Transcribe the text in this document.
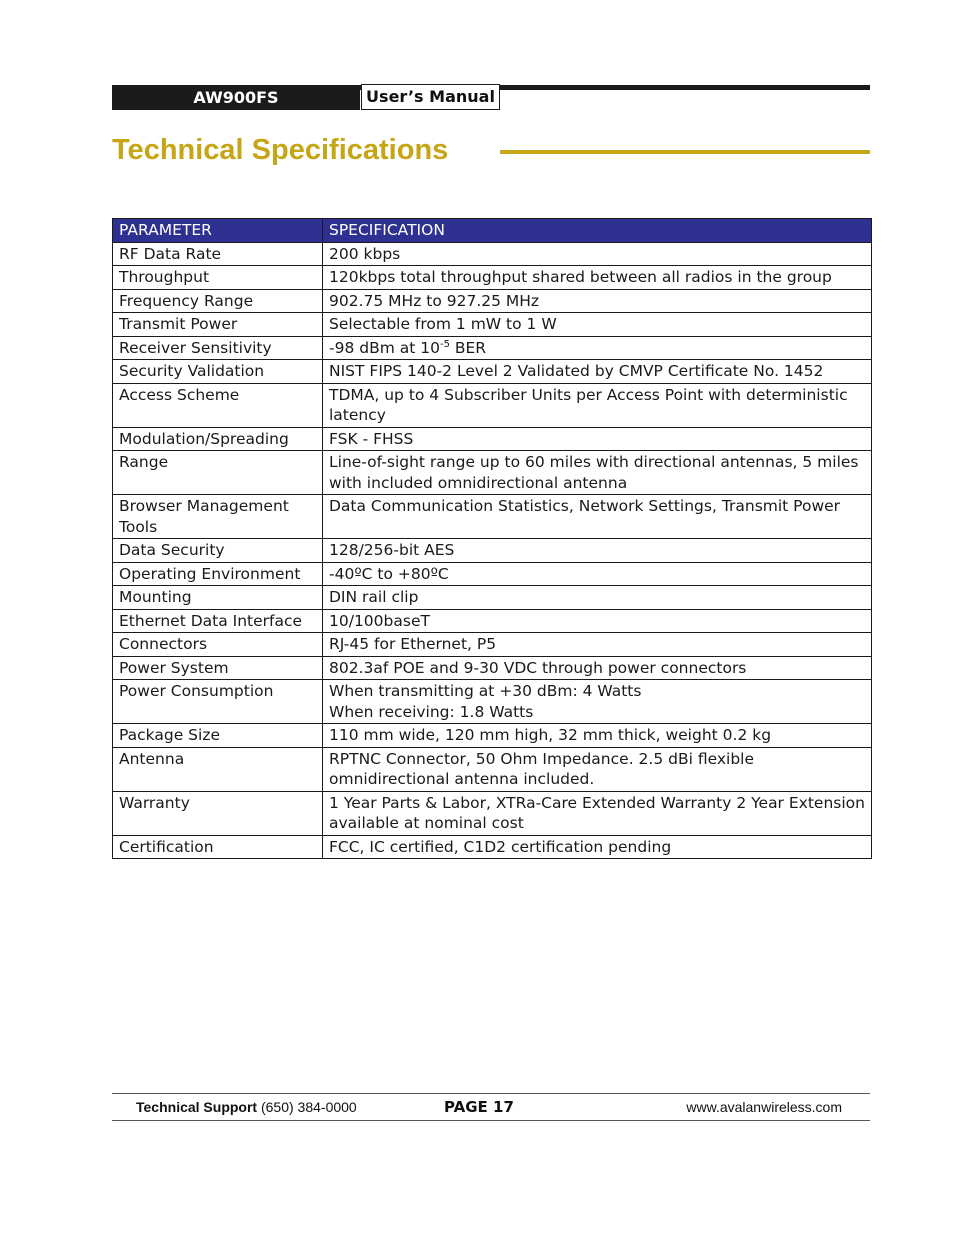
AW900FS	User’s Manual
Technical Specifications
PARAMETER	SPECIFICATION
RF Data Rate	200 kbps
Throughput	120kbps total throughput shared between all radios in the group
Frequency Range	902.75 MHz to 927.25 MHz
Transmit Power	Selectable from 1 mW to 1 W
Receiver Sensitivity	-98 dBm at $10^{-5}$ BER
Security Validation	NIST FIPS 140-2 Level 2 Validated by CMVP Certificate No. 1452
Access Scheme	TDMA, up to 4 Subscriber Units per Access Point with deterministic latency
Modulation/Spreading	FSK - FHSS
Range	Line-of-sight range up to 60 miles with directional antennas, 5 miles with included omnidirectional antenna
Browser Management Tools	Data Communication Statistics, Network Settings, Transmit Power
Data Security	128/256-bit AES
Operating Environment	-40ºC to +80ºC
Mounting	DIN rail clip
Ethernet Data Interface	10/100baseT
Connectors	RJ-45 for Ethernet, P5
Power System	802.3af POE and 9-30 VDC through power connectors
Power Consumption	When transmitting at +30 dBm: 4 Watts
When receiving: 1.8 Watts
Package Size	110 mm wide, 120 mm high, 32 mm thick, weight 0.2 kg
Antenna	RPTNC Connector, 50 Ohm Impedance. 2.5 dBi flexible omnidirectional antenna included.
Warranty	1 Year Parts & Labor, XTRa-Care Extended Warranty 2 Year Extension available at nominal cost
Certification	FCC, IC certified, C1D2 certification pending
Technical Support (650) 384-0000	PAGE 17	www.avalanwireless.com
